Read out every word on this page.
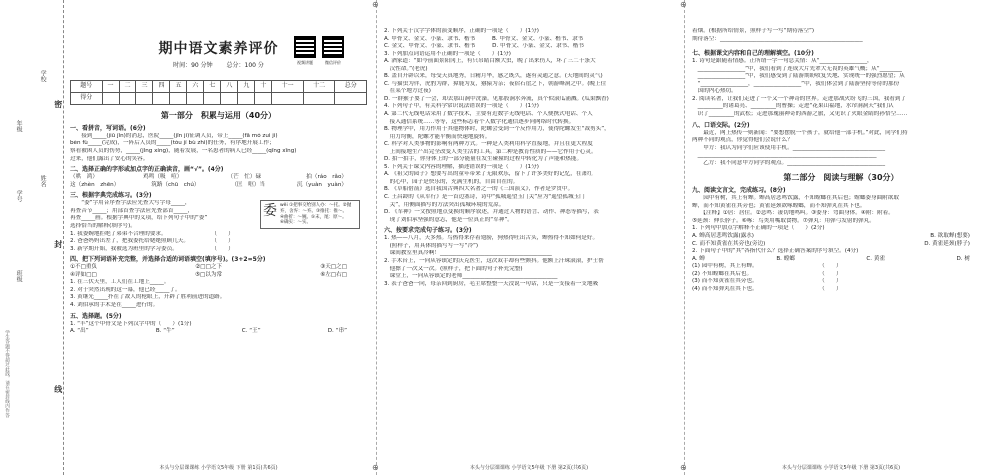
学校
姓名
年级
班级
学号
密
封
线
学生答题不得超过此线，请在密封线内作答
⊕	⊕
⊕	⊕
期中语文素养评价
时间：90 分钟　　 总分：100 分	视频讲题	微信评价
题号	一	二	三	四	五	六	七	八	九	十	十一	十二	总分
得分													
第一部分　积累与运用（40分）
一、看拼音，写词语。(6分)
　　接到_____(jiū jǐn)的消息，医院_____(jǐn jí)征调人员，带上_____(fā mó zuì jì)
bèn fù_____(完成)，一阵后人员的_____(tóu jí bù zhì)的任务，有序地开展工作；
察看被困人员的伤势，_____(jǐng xíng)，随着发展，一名患者的病人已经_____(qīng xīng)
过来，他们露出了安心的笑容。
二、选择正确的字形或加点字的正确读音，画“√”。(4分)
（哄　鸿）	鸡鸣（吸　喧）	（芒　忙）碌	拍（ráo　rǎo）
这（zhèn　zhēn）	筑路（chū　chú）	（匡　哐）当	沉（yuàn　yuàn）
三、根据字典完成练习。(3分)
　　“委”字用音序查字法应先查大写字母_____，
再查音节_____；用部首查字法应先查部首_____，
再查_____画。根据字典中的义项，给下列句子中的“委”
选择恰当的解释(填序号)。
委 wěi ①把事交给别人办：～托。②抛
弃，舍弃：～弃。③推托：推～。
④曲折：～婉。⑤末，尾：原～。
⑥确实：～实。
1. 我委婉地拒绝了弟弟不合理的要求。　　　　　　　　　（　　）
2. 爸爸妈妈出差了，把我委托给姥姥照顾几天。　　　　　（　　）
3. 新学期开始，我被选为班里的学习委员。　　　　　　　（　　）
四、把下列词语补充完整，并选择合适的词语填空(填序号)。(3+2=5分)
①不□重负	②□□之下	③天□之□
④评如□□	⑤□以为常	⑥左□右□
1. 在三伏天里，工人们在工地上_____。
2. 对于突然出现的这一幕，他已经_____了。
3. 黄继光_____扑在了敌人的枪眼上，开辟了胜利前进的道路。
4. 刘伯承的手术是在_____进行的。
五、选择题。(5分)
1. “丰”这个甲骨文是下列汉字中的（　　）(1分)
A. “出”	B. “牛”	C. “王”	D. “串”
本头与分层课课练 小学语文5年级 下册 第1页(共6页)
2. 下列关于汉字字体的演变顺序，正确的一项是（　　）(1分)
A. 甲骨文、金文、小篆、隶书、楷书　　　B. 甲骨文、金文、小篆、楷书、隶书
C. 金文、甲骨文、小篆、隶书、楷书　　　D. 甲骨文、小篆、金文、隶书、楷书
3. 下列加点词语运用不正确的一项是（　　）(1分)
A. 酒家道：“如今前面景阳冈上，有只吊睛白额大虫，晚了出来伤人，坏了三二十条大
　汉性命。”(老虎)
B. 盖自开辟以来，每受天真地秀，日精月华，感之既久，遂有灵通之意。(天地间的灵气)
C. 与猫虫为伴，虎豹为群，獐鹿为友，猕猿为亲；夜宿石崖之下，朝游峰洞之中。(晚上住
　在某个地方过夜)
D. 一群猴子耍了一会，却去那山涧中洗澡。见那股涧水奔流，真个似滚瓜涌溅。(瓜果飘香)
4. 下列句子中，有关科学常识说法错误的一项是（　　）(1分)
A. 第二代无线电话采用了数字技术，主要有近数字无线电话、个人便携式电话、个人
　接入通信系统……等等，这些标志着个人数字化通信逐步向网络时代转换。
B. 物理学中，用力作用于其他物体时，陀螺会受到一个反作用力，使得陀螺发生“裁剪头”，
　用力均衡，陀螺才能平衡而快速地旋转。
C. 科学对人类事物的影响有两种方式。一种是人类利用科学直接地，并且在更大程度
　上间接地生产出完全改变人类生活的工具。第二种是教育性质的——它作用于心灵。
D. 拍一拍手，你身体上的一部分能量在发生碰撞的过程中转化为了声能和热能。
5. 下列关于课文内容的理解，描述错误的一项是（　　）(1分)
A. 《祖父的园子》想要写出的童年带来了无限欢乐，留下了许多美好的记忆，在萧红
　的心中，园子是快乐的，充满生机的，自由自在的。
B. 《草船借箭》选自我国古典四大名著之一的《三国演义》，作者是罗贯中。
C. 王昌龄的《从军行》是一首边塞诗，诗中“孤城遥望玉门关”应为“遥望孤城玉门
　关”，用侧面描写的方法突出孤城环境的荒凉。
D. 《军神》一文按照地点变换的顺序叙述，并通过人物的语言、动作、神态等描写，表
　现了刘伯承坚强的意志，他是一位真正的“军神”。
六、按要求完成句子练习。(3分)
1. 热——八月，天多热。鸟热得来存着翅膀，狗热得吐出舌头，蝉热得不知如何是好。
　(照样子，用具体的描写写一写“冷”)
　课间教室里真冷啊！________________________________________
2. 手术台上，一向从容镇定的沃克医生，这次双手却有些颤抖。他额上汗珠滚滚，护士帮
　他擦了一次又一次。(照样子，把下面的句子补充完整)
　课堂上，一向从容镇定的老师__________________________________
3. 表子爸爸一向，母亲回到厨房，毛主席整整一天没说一句话，只是一支接着一支地吸
本头与分层课课练 小学语文5年级 下册 第2页(共6页)
着烟。(根据所给情景，照样子写一写“期待落空”)
期待落空：___________________________________________________
七、根据课文内容和自己的理解填空。(10分)
1. 诗句是跟随着情感。正所谓一字一句总关情：从“_________________，
　_________________”中，我们看到了连成大片先辈大无畏的英雄气概；从“________
　_________________”中，我们感受到了陆游期盼收复失地、实现统一的强烈愿望；从
　“_________________，_________________”中，我们体会到了陆游坚持等待的那份
　国的内心热切。
2. 阅读名著，让我们走进了一个又一个神奇的世界。走进那战火纷飞的三国，我看到了
　_________的诸葛亮、_________的曹操；走进“花果山福地，水帘洞洞天”我们认
　识了_________的武松；走进那瑰丽神奇的西游之旅，又见识了火眼金睛的孙悟空……
八、口语交际。(2分)
　　最近，网上热传一则新闻：“要想摆脱一个孩子，就给他一部手机。”对此，同学们持
两种不同的观点，你觉得他们会说什么？
　　甲方：我认为同学们应该使用手机。_________________________________
　________________________________________________________________
　　乙方：我不同意甲方同学的观点。___________________________________
第二部分　阅读与理解（30分）
九、阅读文言文，完成练习。(8分)
　　园中有树，其上有蝉。蝉高居悲鸣饮露，不知螳螂在其后也；螳螂委身曲附欲取
蝉，而不知黄雀在其旁也；黄雀延颈欲啄螳螂，而不知弹丸在其下也。
　　【注释】①居：居住。②悲鸣：凄切地鸣叫。③委身：弯曲身体。④附：附着。
⑤延颈：伸长脖子。⑥啄：鸟类用嘴取食物。⑦弹丸：用弹弓发射的弹丸。
1. 下列句中加点字解释不正确的一项是（　　）(2分)
A. 蝉高居悲鸣饮露(露水)	B. 欲取蝉(想要)
C. 而不知黄雀在其旁也(旁边)	D. 黄雀延颈(脖子)
2. 下面句子中的“其”各指代什么？选择正确答案的序号填空。(4分)
A. 蝉	B. 螳螂	C. 黄雀	D. 树
(1) 园中有树，其上有蝉。　　　　　　　　　　　　（　　）
(2) 不知螳螂在其后也。　　　　　　　　　　　　　（　　）
(3) 而不知黄雀在其旁也。　　　　　　　　　　　　（　　）
(4) 而不知弹丸在其下也。　　　　　　　　　　　　（　　）
本头与分层课课练 小学语文5年级 下册 第3页(共6页)
